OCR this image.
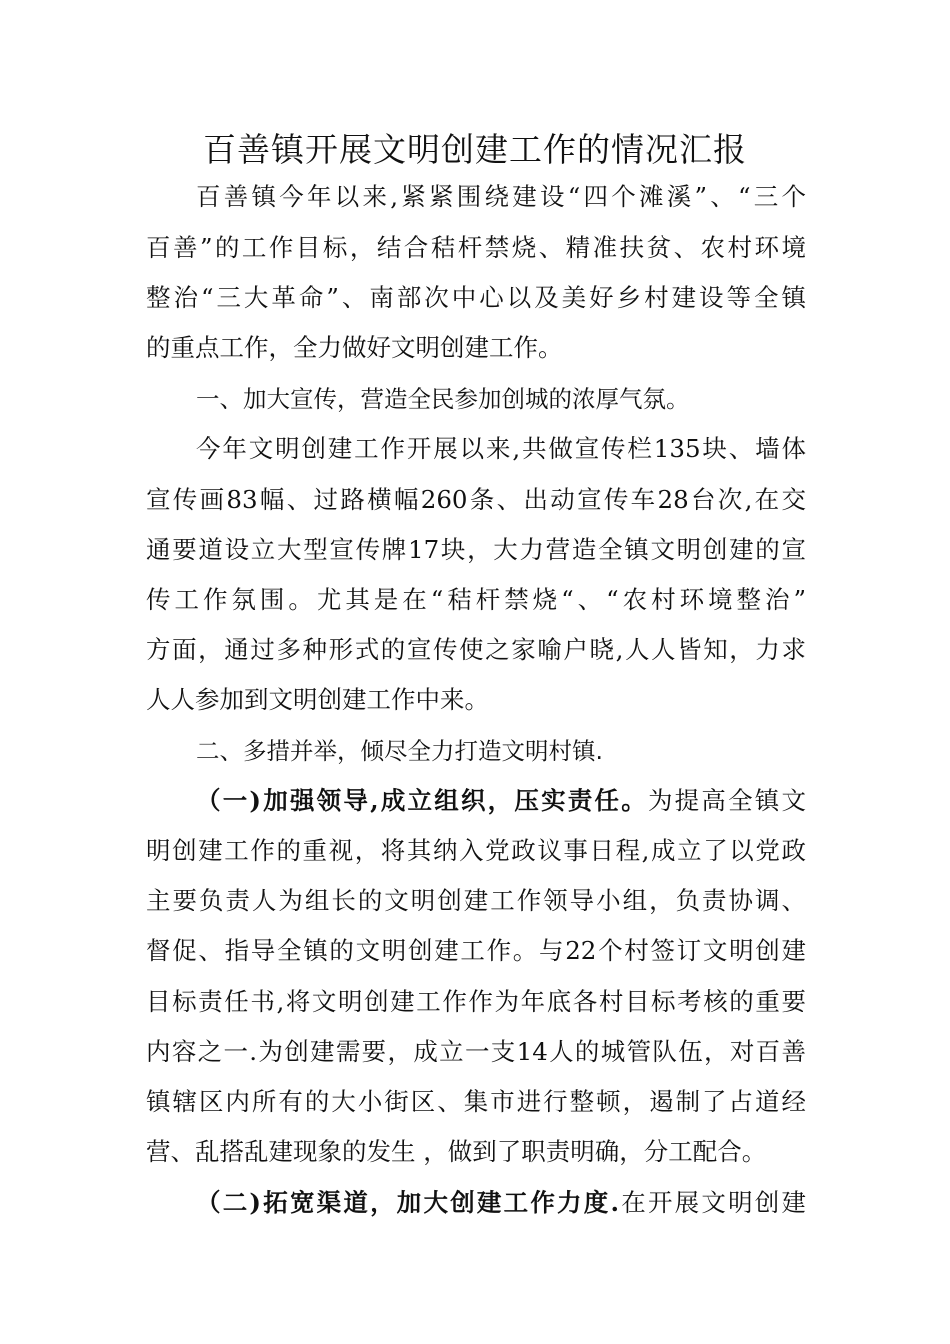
百善镇开展文明创建工作的情况汇报
百善镇今年以来,紧紧围绕建设“四个滩溪”、“三个
百善”的工作目标，结合秸杆禁烧、精准扶贫、农村环境
整治“三大革命”、南部次中心以及美好乡村建设等全镇
的重点工作，全力做好文明创建工作。
一、加大宣传，营造全民参加创城的浓厚气氛。
今年文明创建工作开展以来,共做宣传栏135块、墙体
宣传画83幅、过路横幅260条、出动宣传车28台次,在交
通要道设立大型宣传牌17块，大力营造全镇文明创建的宣
传工作氛围。尤其是在“秸杆禁烧“、“农村环境整治”
方面，通过多种形式的宣传使之家喻户晓,人人皆知，力求
人人参加到文明创建工作中来。
二、多措并举，倾尽全力打造文明村镇.
（一)加强领导,成立组织，压实责任。为提高全镇文
明创建工作的重视，将其纳入党政议事日程,成立了以党政
主要负责人为组长的文明创建工作领导小组，负责协调、
督促、指导全镇的文明创建工作。与22个村签订文明创建
目标责任书,将文明创建工作作为年底各村目标考核的重要
内容之一.为创建需要，成立一支14人的城管队伍，对百善
镇辖区内所有的大小街区、集市进行整顿，遏制了占道经
营、乱搭乱建现象的发生 ，做到了职责明确，分工配合。
（二)拓宽渠道，加大创建工作力度.在开展文明创建
